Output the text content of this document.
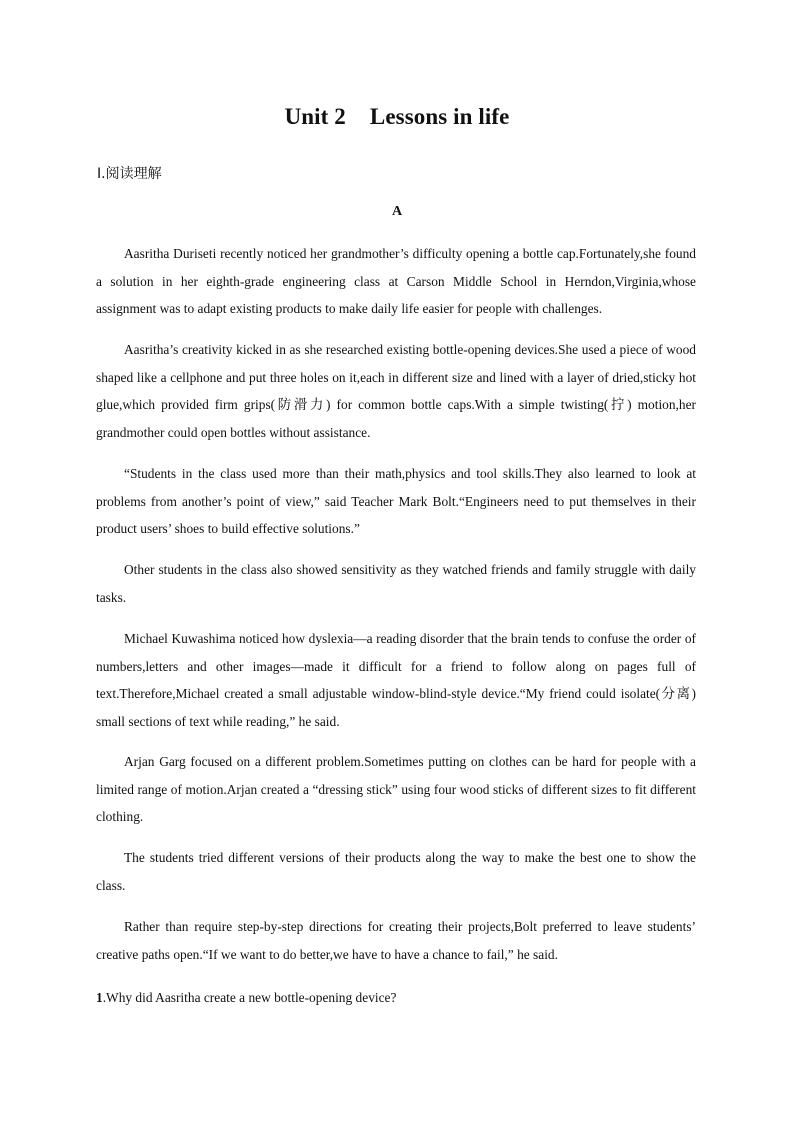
Unit 2 Lessons in life
Ⅰ.阅读理解
A

Aasritha Duriseti recently noticed her grandmother’s difficulty opening a bottle cap.Fortunately,she found a solution in her eighth-grade engineering class at Carson Middle School in Herndon,Virginia,whose assignment was to adapt existing products to make daily life easier for people with challenges.

Aasritha’s creativity kicked in as she researched existing bottle-opening devices.She used a piece of wood shaped like a cellphone and put three holes on it,each in different size and lined with a layer of dried,sticky hot glue,which provided firm grips(防滑力) for common bottle caps.With a simple twisting(拧) motion,her grandmother could open bottles without assistance.

“Students in the class used more than their math,physics and tool skills.They also learned to look at problems from another’s point of view,” said Teacher Mark Bolt.“Engineers need to put themselves in their product users’ shoes to build effective solutions.”

Other students in the class also showed sensitivity as they watched friends and family struggle with daily tasks.

Michael Kuwashima noticed how dyslexia—a reading disorder that the brain tends to confuse the order of numbers,letters and other images—made it difficult for a friend to follow along on pages full of text.Therefore,Michael created a small adjustable window-blind-style device.“My friend could isolate(分离) small sections of text while reading,” he said.

Arjan Garg focused on a different problem.Sometimes putting on clothes can be hard for people with a limited range of motion.Arjan created a “dressing stick” using four wood sticks of different sizes to fit different clothing.

The students tried different versions of their products along the way to make the best one to show the class.

Rather than require step-by-step directions for creating their projects,Bolt preferred to leave students’ creative paths open.“If we want to do better,we have to have a chance to fail,” he said.

1.Why did Aasritha create a new bottle-opening device?
